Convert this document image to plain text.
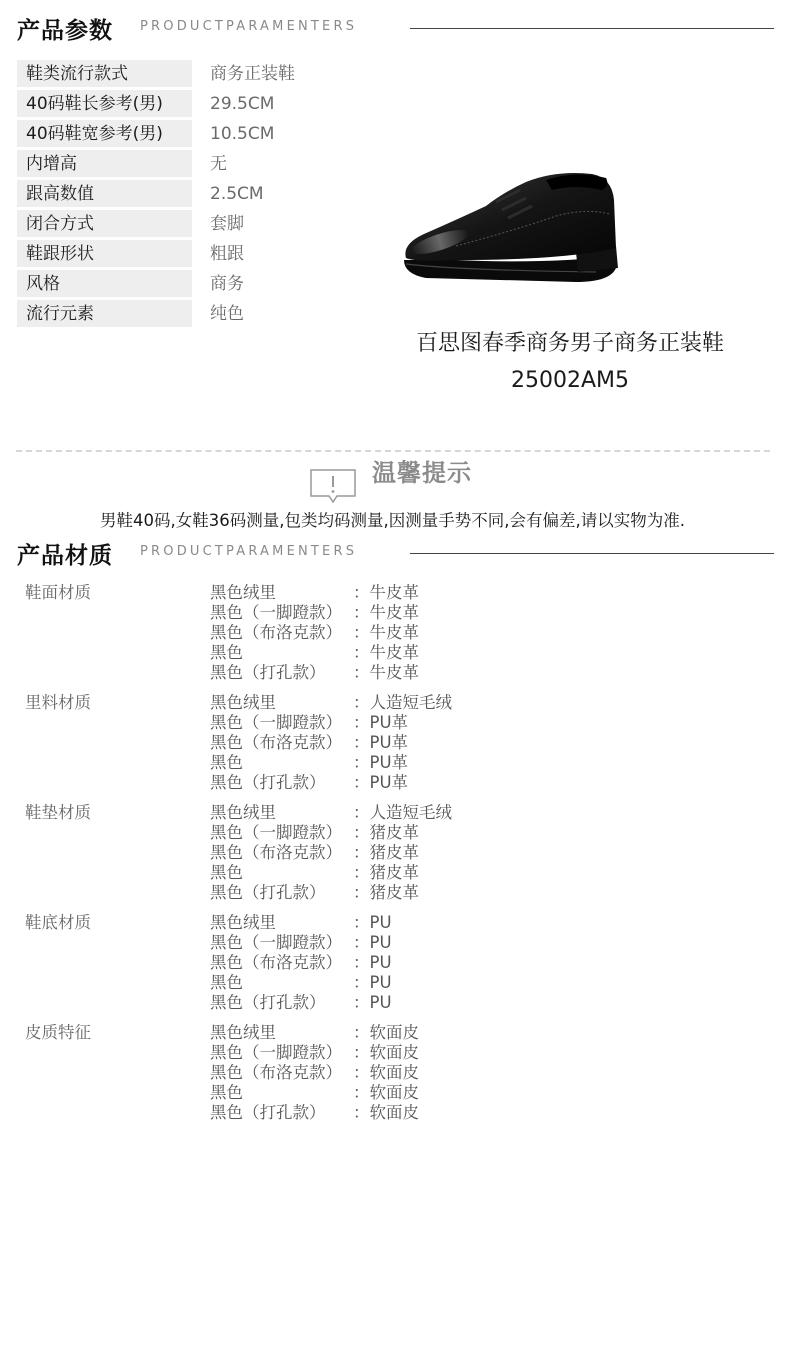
产品参数 PRODUCTPARAMENTERS
鞋类流行款式	商务正装鞋
40码鞋长参考(男)	29.5CM
40码鞋宽参考(男)	10.5CM
内增高	无
跟高数值	2.5CM
闭合方式	套脚
鞋跟形状	粗跟
风格	商务
流行元素	纯色
百思图春季商务男子商务正装鞋
25002AM5
温馨提示
男鞋40码,女鞋36码测量,包类均码测量,因测量手势不同,会有偏差,请以实物为准.
产品材质 PRODUCTPARAMENTERS
鞋面材质	黑色绒里	：牛皮革
黑色（一脚蹬款） ：牛皮革
黑色（布洛克款） ：牛皮革
黑色	：牛皮革
黑色（打孔款） ：牛皮革
里料材质	黑色绒里	：人造短毛绒
黑色（一脚蹬款） ：PU革
黑色（布洛克款） ：PU革
黑色	：PU革
黑色（打孔款） ：PU革
鞋垫材质	黑色绒里	：人造短毛绒
黑色（一脚蹬款） ：猪皮革
黑色（布洛克款） ：猪皮革
黑色	：猪皮革
黑色（打孔款） ：猪皮革
鞋底材质	黑色绒里	：PU
黑色（一脚蹬款） ：PU
黑色（布洛克款） ：PU
黑色	：PU
黑色（打孔款） ：PU
皮质特征	黑色绒里	：软面皮
黑色（一脚蹬款） ：软面皮
黑色（布洛克款） ：软面皮
黑色	：软面皮
黑色（打孔款） ：软面皮
